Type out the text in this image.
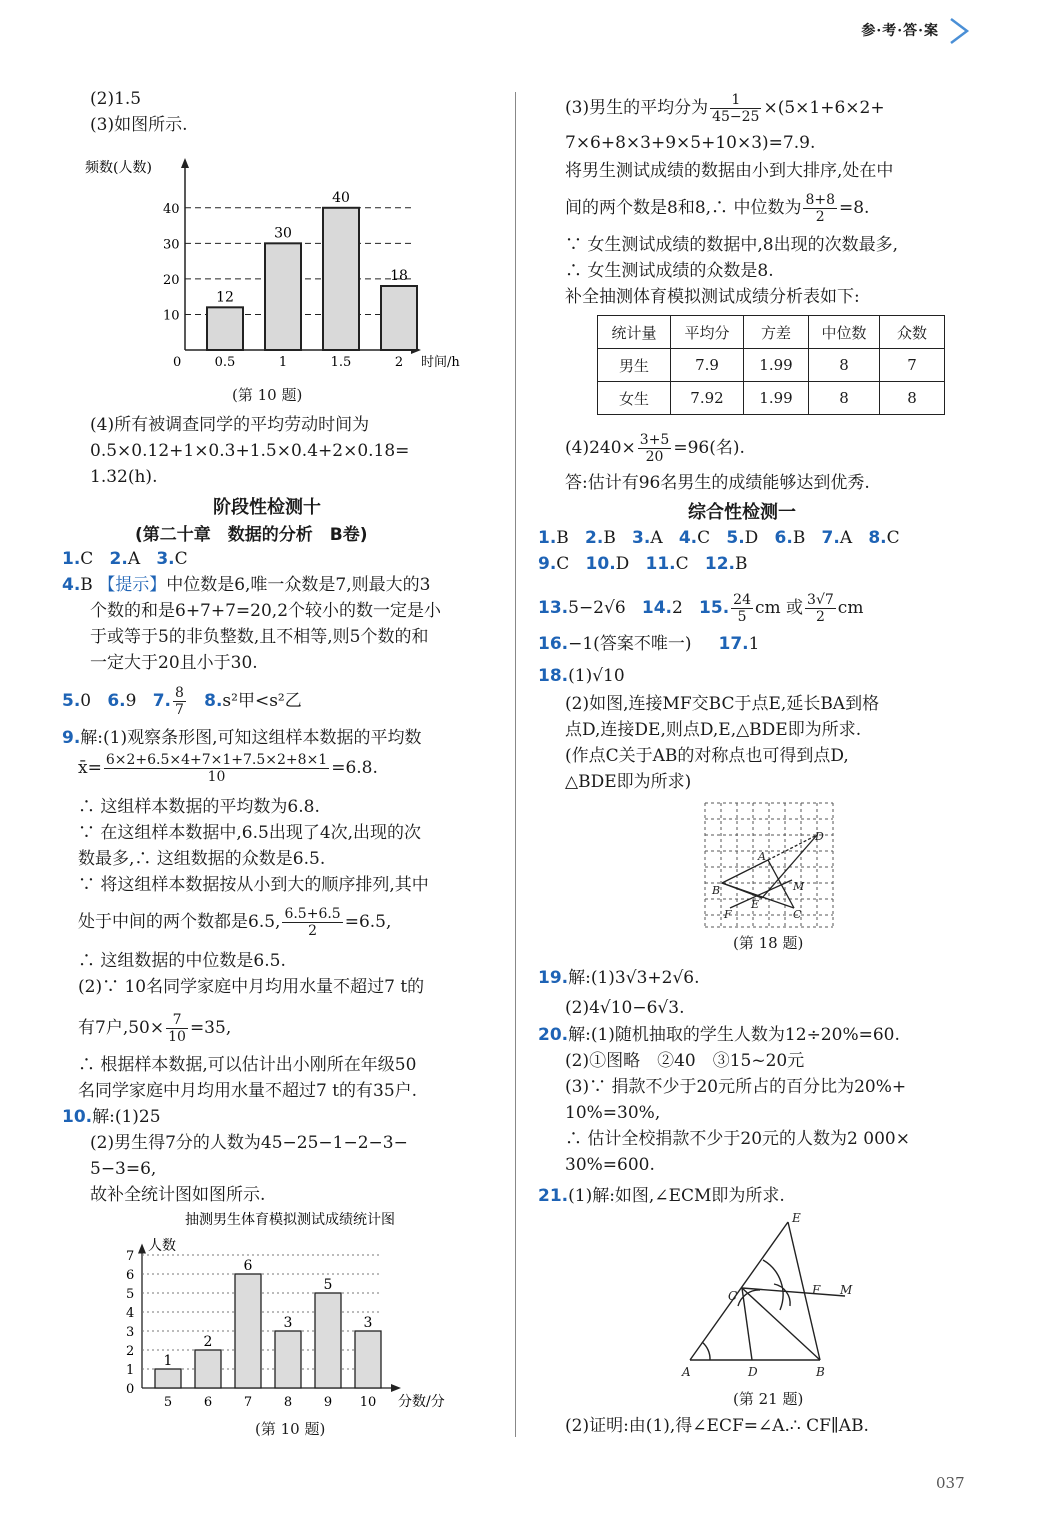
参·考·答·案
(2)1.5
(3)如图所示.
频数(人数)
时间/h
0
10
20
30
40
12
0.5
30
1
40
1.5
18
2
(第 10 题)
(4)所有被调查同学的平均劳动时间为
0.5×0.12+1×0.3+1.5×0.4+2×0.18=
1.32(h).
阶段性检测十
(第二十章　数据的分析　B卷)
1.C 2.A 3.C
4.B 【提示】中位数是6,唯一众数是7,则最大的3
个数的和是6+7+7=20,2个较小的数一定是小
于或等于5的非负整数,且不相等,则5个数的和
一定大于20且小于30.
5.0 6.9 7. $\frac{8}{7} 8.s^2$甲<s²乙
9.解:(1)观察条形图,可知这组样本数据的平均数
x̄= $\frac{6\times 2+6.5\times 4+7\times 1+7.5\times 2+8\times 1}{10} =6.8$.
∴ 这组样本数据的平均数为6.8.
∵ 在这组样本数据中,6.5出现了4次,出现的次
数最多,∴ 这组数据的众数是6.5.
∵ 将这组样本数据按从小到大的顺序排列,其中
处于中间的两个数都是6.5, $\frac{6.5+6.5}{2} =6.5$,
∴ 这组数据的中位数是6.5.
(2)∵ 10名同学家庭中月均用水量不超过7 t的
有7户$,50\times \frac{7}{10} =35$,
∴ 根据样本数据,可以估计出小刚所在年级50
名同学家庭中月均用水量不超过7 t的有35户.
10.解:(1)25
(2)男生得7分的人数为45−25−1−2−3−
5−3=6,
故补全统计图如图所示.
抽测男生体育模拟测试成绩统计图
人数
分数/分
0
1
2
3
4
5
6
7
1
5
2
6
6
7
3
8
5
9
3
10
(第 10 题)
(3)男生的平均分为 $\frac{1}{45-25} \times(5\times 1+6\times 2+$
7×6+8×3+9×5+10×3)=7.9.
将男生测试成绩的数据由小到大排序,处在中
间的两个数是8和8,∴ 中位数为 $\frac{8+8}{2} =8$.
∵ 女生测试成绩的数据中,8出现的次数最多,
∴ 女生测试成绩的众数是8.
补全抽测体育模拟测试成绩分析表如下:
统计量	平均分	方差	中位数	众数
男生	7.9	1.99	8	7
女生	7.92	1.99	8	8
$(4)240\times \frac{3+5}{20} =96$(名).
答:估计有96名男生的成绩能够达到优秀.
综合性检测一
1.B 2.B 3.A 4.C 5.D 6.B 7.A 8.C
9.C 10.D 11.C 12.B
13.5−2√6 14.2 15. $\frac{24}{5}$ cm 或 $\frac{3√7}{2}$ cm
16.−1(答案不唯一) 17.1
18.(1)√10
(2)如图,连接MF交BC于点E,延长BA到格
点D,连接DE,则点D,E,△BDE即为所求.
(作点C关于AB的对称点也可得到点D,
△BDE即为所求)
A
B
C
D
E
F
M
(第 18 题)
19.解:(1)3√3+2√6.
(2)4√10−6√3.
20.解:(1)随机抽取的学生人数为12÷20%=60.
(2)①图略　②40　③15~20元
(3)∵ 捐款不少于20元所占的百分比为20%+
10%=30%,
∴ 估计全校捐款不少于20元的人数为2 000×
30%=600.
21.(1)解:如图,∠ECM即为所求.
E
C	F M
A	D	B
(第 21 题)
(2)证明:由(1),得∠ECF=∠A.∴ CF∥AB.
037
